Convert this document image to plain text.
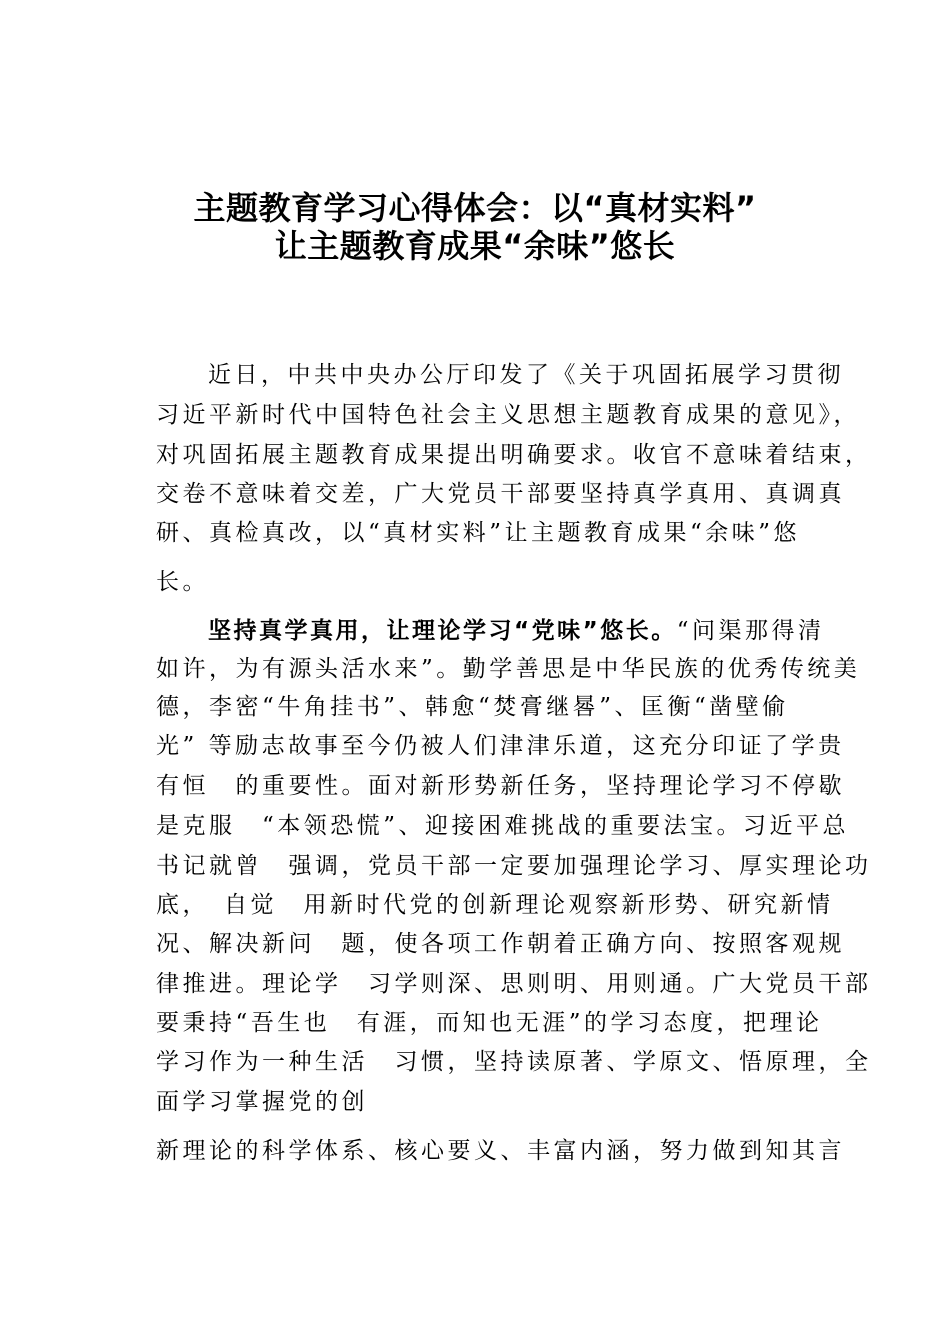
主题教育学习心得体会：以“真材实料”
让主题教育成果“余味”悠长
近日，中共中央办公厅印发了《关于巩固拓展学习贯彻
习近平新时代中国特色社会主义思想主题教育成果的意见》，
对巩固拓展主题教育成果提出明确要求。收官不意味着结束，
交卷不意味着交差，广大党员干部要坚持真学真用、真调真
研、真检真改，以“真材实料”让主题教育成果“余味”悠
长。
坚持真学真用，让理论学习“党味”悠长。“问渠那得清
如许，为有源头活水来”。勤学善思是中华民族的优秀传统美
德，李密“牛角挂书”、韩愈“焚膏继晷”、匡衡“凿壁偷
光” 等励志故事至今仍被人们津津乐道，这充分印证了学贵
有恒　的重要性。面对新形势新任务，坚持理论学习不停歇
是克服　“本领恐慌”、迎接困难挑战的重要法宝。习近平总
书记就曾　强调，党员干部一定要加强理论学习、厚实理论功
底，　自觉　用新时代党的创新理论观察新形势、研究新情
况、解决新问　题，使各项工作朝着正确方向、按照客观规
律推进。理论学　习学则深、思则明、用则通。广大党员干部
要秉持“吾生也　有涯，而知也无涯”的学习态度，把理论
学习作为一种生活　习惯，坚持读原著、学原文、悟原理，全
面学习掌握党的创
新理论的科学体系、核心要义、丰富内涵，努力做到知其言
